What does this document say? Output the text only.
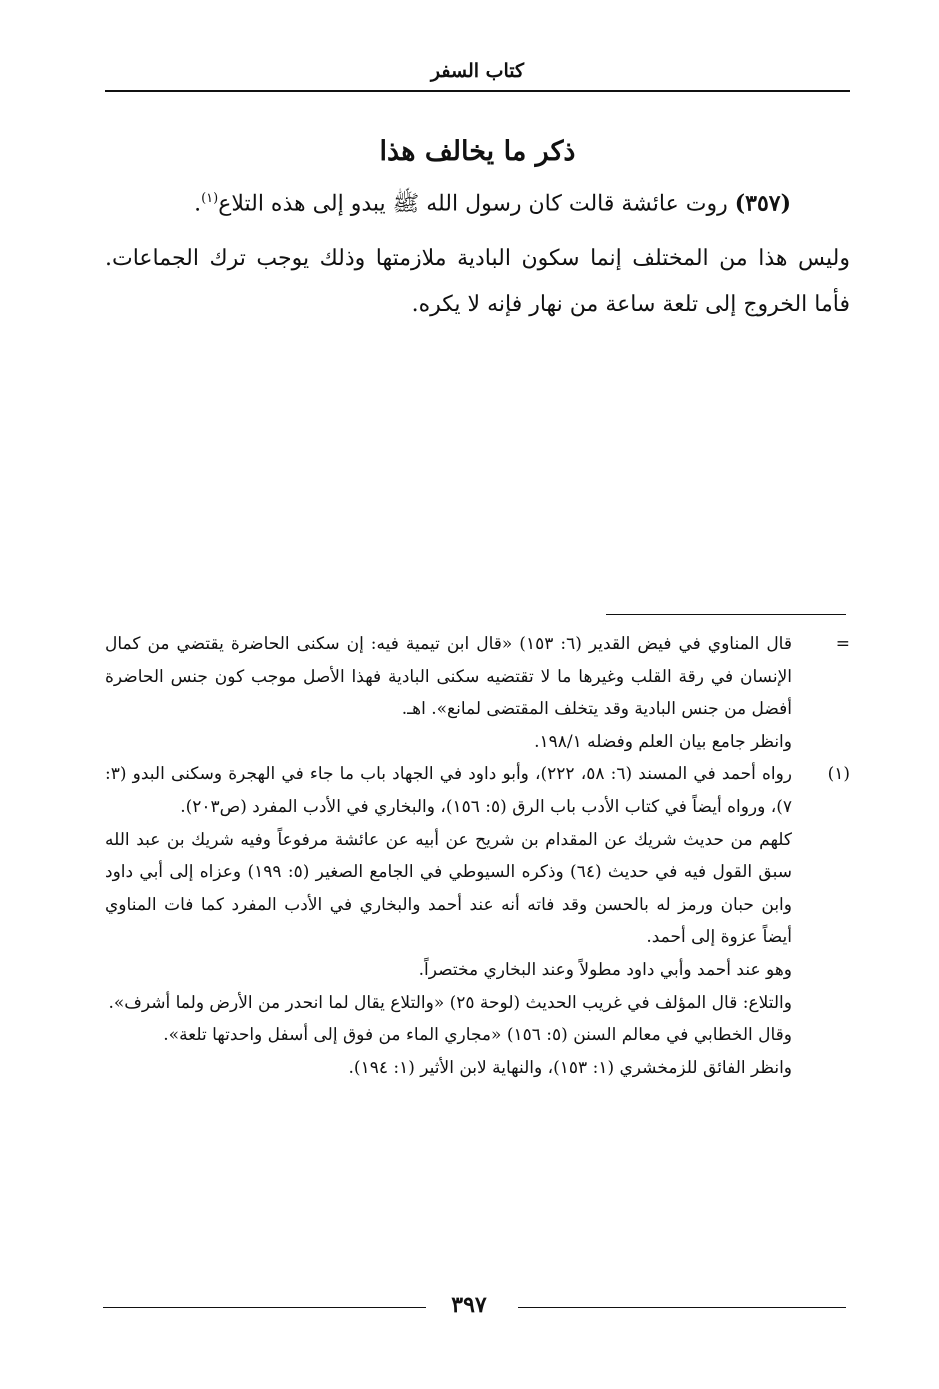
كتاب السفر
ذكر ما يخالف هذا
(٣٥٧) روت عائشة قالت كان رسول الله ﷺ يبدو إلى هذه التلاع$^{(١)}$.
وليس هذا من المختلف إنما سكون البادية ملازمتها وذلك يوجب ترك الجماعات. فأما الخروج إلى تلعة ساعة من نهار فإنه لا يكره.
=
قال المناوي في فيض القدير (٦: ١٥٣) «قال ابن تيمية فيه: إن سكنى الحاضرة يقتضي من كمال الإنسان في رقة القلب وغيرها ما لا تقتضيه سكنى البادية فهذا الأصل موجب كون جنس الحاضرة أفضل من جنس البادية وقد يتخلف المقتضى لمانع». اهـ.
وانظر جامع بيان العلم وفضله ١٩٨/١.
(١)
رواه أحمد في المسند (٦: ٥٨، ٢٢٢)، وأبو داود في الجهاد باب ما جاء في الهجرة وسكنى البدو (٣: ٧)، ورواه أيضاً في كتاب الأدب باب الرق (٥: ١٥٦)، والبخاري في الأدب المفرد (ص٢٠٣).
كلهم من حديث شريك عن المقدام بن شريح عن أبيه عن عائشة مرفوعاً وفيه شريك بن عبد الله سبق القول فيه في حديث (٦٤) وذكره السيوطي في الجامع الصغير (٥: ١٩٩) وعزاه إلى أبي داود وابن حبان ورمز له بالحسن وقد فاته أنه عند أحمد والبخاري في الأدب المفرد كما فات المناوي أيضاً عزوة إلى أحمد.
وهو عند أحمد وأبي داود مطولاً وعند البخاري مختصراً.
والتلاع: قال المؤلف في غريب الحديث (لوحة ٢٥) «والتلاع يقال لما انحدر من الأرض ولما أشرف».
وقال الخطابي في معالم السنن (٥: ١٥٦) «مجاري الماء من فوق إلى أسفل واحدتها تلعة».
وانظر الفائق للزمخشري (١: ١٥٣)، والنهاية لابن الأثير (١: ١٩٤).
٣٩٧
